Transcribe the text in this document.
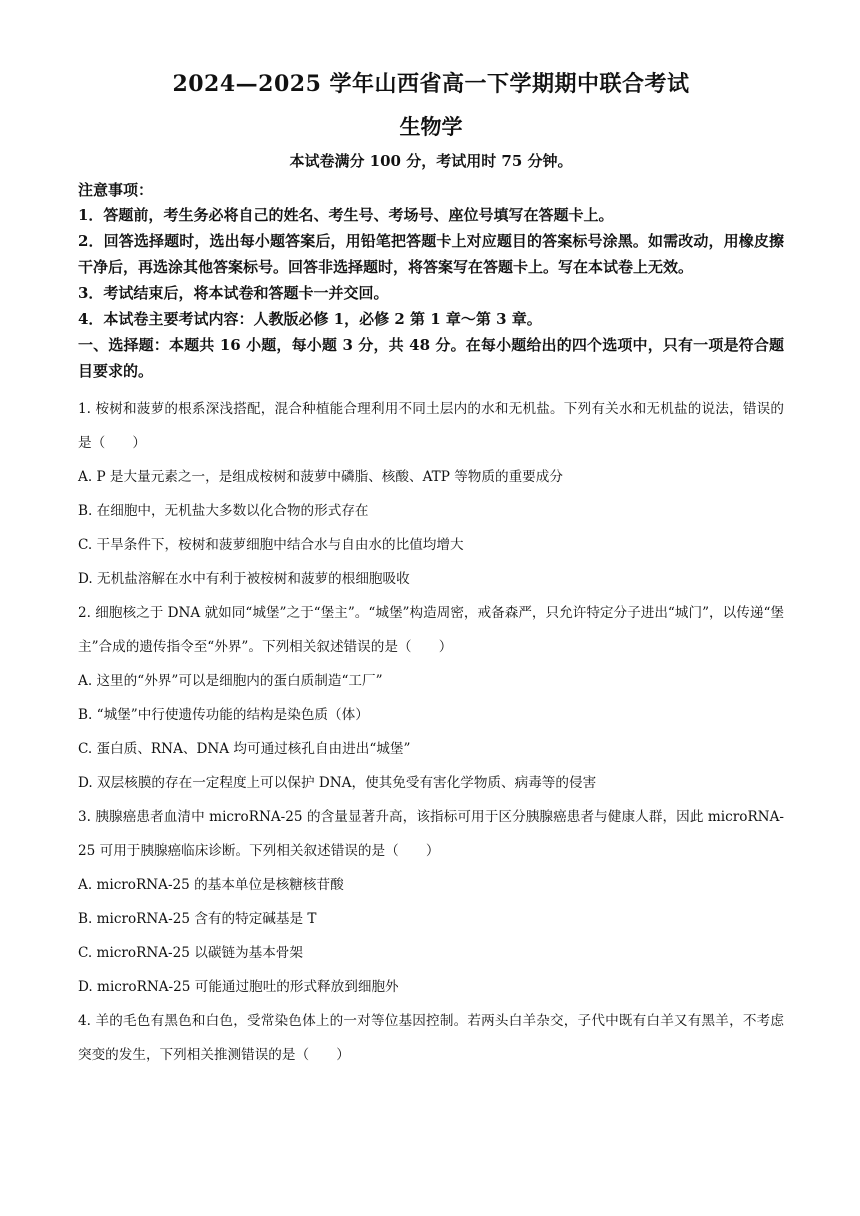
2024—2025 学年山西省高一下学期期中联合考试
生物学
本试卷满分 100 分，考试用时 75 分钟。
注意事项：

1．答题前，考生务必将自己的姓名、考生号、考场号、座位号填写在答题卡上。

2．回答选择题时，选出每小题答案后，用铅笔把答题卡上对应题目的答案标号涂黑。如需改动，用橡皮擦干净后，再选涂其他答案标号。回答非选择题时，将答案写在答题卡上。写在本试卷上无效。

3．考试结束后，将本试卷和答题卡一并交回。

4．本试卷主要考试内容：人教版必修 1，必修 2 第 1 章～第 3 章。

一、选择题：本题共 16 小题，每小题 3 分，共 48 分。在每小题给出的四个选项中，只有一项是符合题目要求的。

1. 桉树和菠萝的根系深浅搭配，混合种植能合理利用不同土层内的水和无机盐。下列有关水和无机盐的说法，错误的是（　　）

A. P 是大量元素之一，是组成桉树和菠萝中磷脂、核酸、ATP 等物质的重要成分

B. 在细胞中，无机盐大多数以化合物的形式存在

C. 干旱条件下，桉树和菠萝细胞中结合水与自由水的比值均增大

D. 无机盐溶解在水中有利于被桉树和菠萝的根细胞吸收

2. 细胞核之于 DNA 就如同“城堡”之于“堡主”。“城堡”构造周密，戒备森严，只允许特定分子进出“城门”，以传递“堡主”合成的遗传指令至“外界”。下列相关叙述错误的是（　　）

A. 这里的“外界”可以是细胞内的蛋白质制造“工厂”

B. “城堡”中行使遗传功能的结构是染色质（体）

C. 蛋白质、RNA、DNA 均可通过核孔自由进出“城堡”

D. 双层核膜的存在一定程度上可以保护 DNA，使其免受有害化学物质、病毒等的侵害

3. 胰腺癌患者血清中 microRNA-25 的含量显著升高，该指标可用于区分胰腺癌患者与健康人群，因此 microRNA-25 可用于胰腺癌临床诊断。下列相关叙述错误的是（　　）

A. microRNA-25 的基本单位是核糖核苷酸

B. microRNA-25 含有的特定碱基是 T

C. microRNA-25 以碳链为基本骨架

D. microRNA-25 可能通过胞吐的形式释放到细胞外

4. 羊的毛色有黑色和白色，受常染色体上的一对等位基因控制。若两头白羊杂交，子代中既有白羊又有黑羊，不考虑突变的发生，下列相关推测错误的是（　　）
